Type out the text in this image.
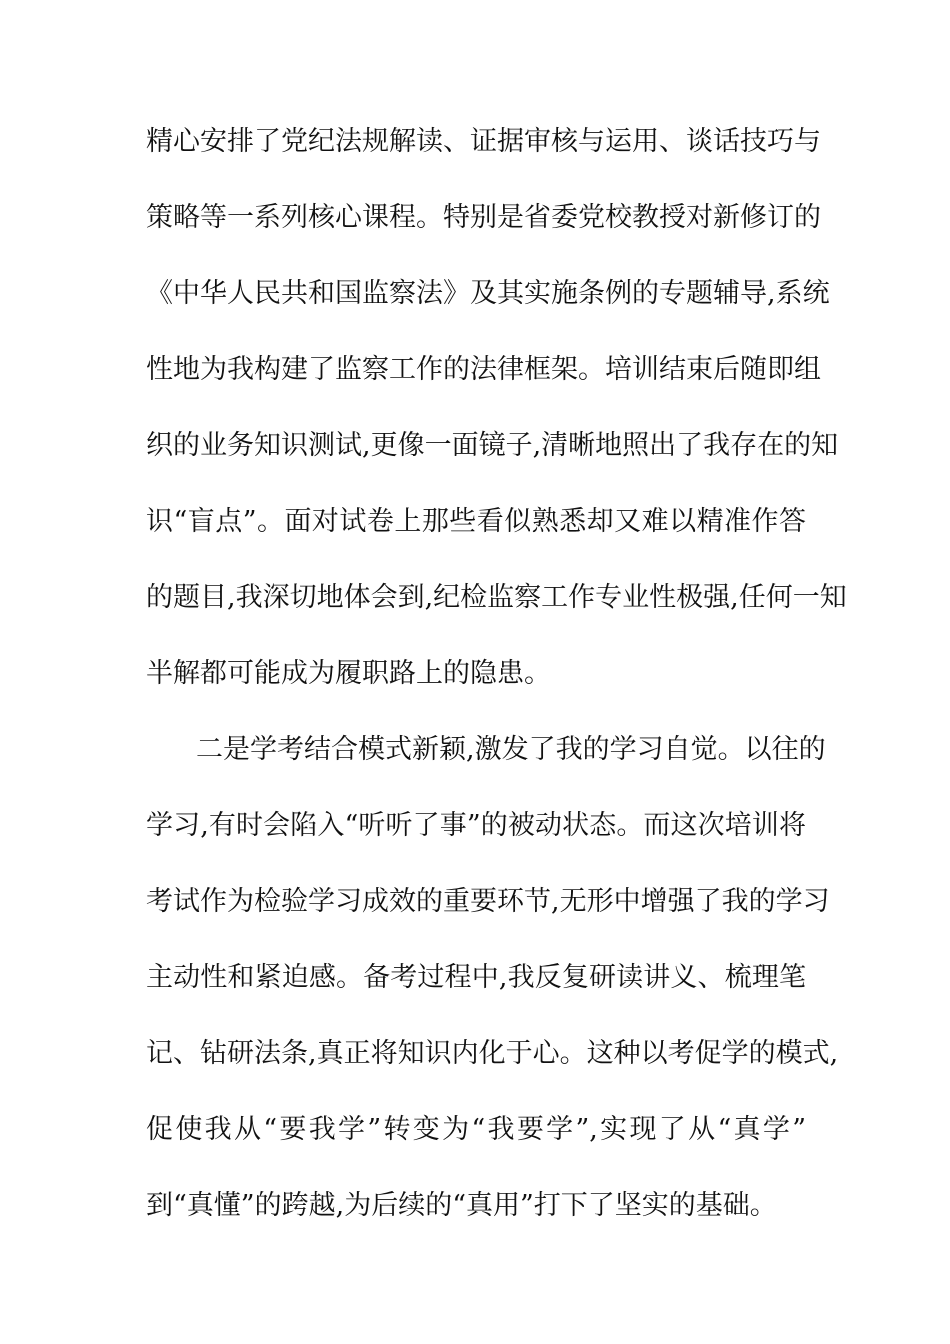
精心安排了党纪法规解读、证据审核与运用、谈话技巧与
策略等一系列核心课程。特别是省委党校教授对新修订的
《中华人民共和国监察法》及其实施条例的专题辅导,系统
性地为我构建了监察工作的法律框架。培训结束后随即组
织的业务知识测试,更像一面镜子,清晰地照出了我存在的知
识“盲点”。面对试卷上那些看似熟悉却又难以精准作答
的题目,我深切地体会到,纪检监察工作专业性极强,任何一知
半解都可能成为履职路上的隐患。
二是学考结合模式新颖,激发了我的学习自觉。以往的
学习,有时会陷入“听听了事”的被动状态。而这次培训将
考试作为检验学习成效的重要环节,无形中增强了我的学习
主动性和紧迫感。备考过程中,我反复研读讲义、梳理笔
记、钻研法条,真正将知识内化于心。这种以考促学的模式,
促使我从“要我学”转变为“我要学”,实现了从“真学”
到“真懂”的跨越,为后续的“真用”打下了坚实的基础。
